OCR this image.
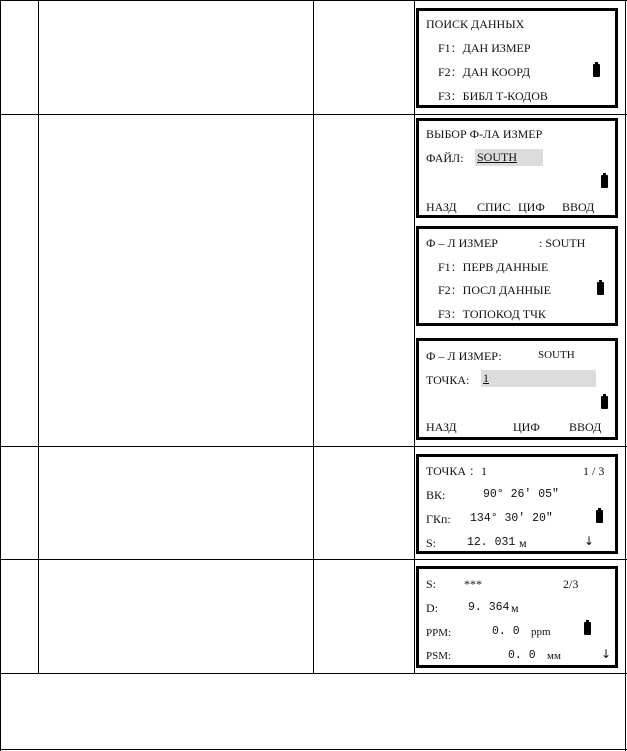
ПОИСК ДАННЫХ
F1：ДАН ИЗМЕР
F2：ДАН КООРД
F3：БИБЛ Т-КОДОВ
ВЫБОР Ф-ЛА ИЗМЕР
ФАЙЛ: SOUTH
НАЗД СПИС ЦИФ ВВОД
Ф – Л ИЗМЕР	: SOUTH
F1：ПЕРВ ДАННЫЕ
F2：ПОСЛ ДАННЫЕ
F3：ТОПОКОД ТЧК
Ф – Л ИЗМЕР:	SOUTH
ТОЧКА: 1
НАЗД	ЦИФ ВВОД
ТОЧКА ：1	1 / 3
ВК:	90° 26′ 05″
ГКп: 134° 30′ 20″
S:	12. 031 м	↓
S: ***	2/3
D:	9. 364 м
PPM:	0. 0 ppm
PSM:	0. 0 мм	↓
